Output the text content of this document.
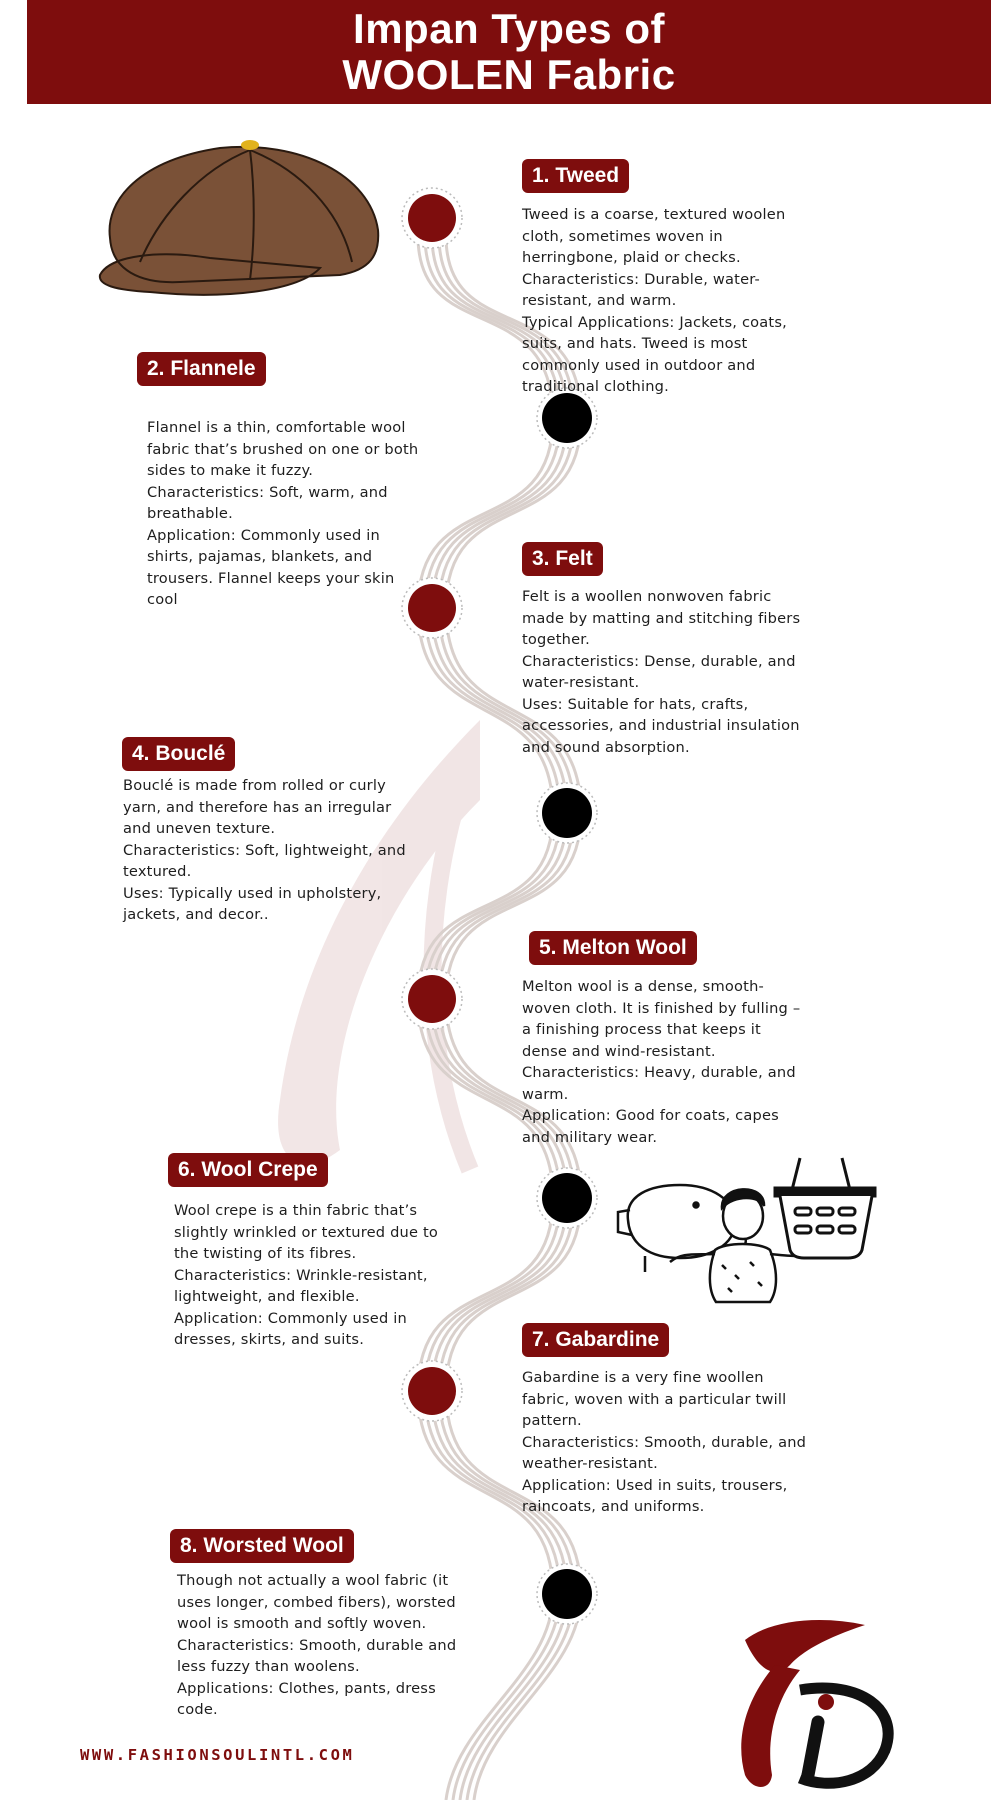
Impan Types of
WOOLEN Fabric
1. Tweed
Tweed is a coarse, textured woolen
cloth, sometimes woven in
herringbone, plaid or checks.
Characteristics: Durable, water-
resistant, and warm.
Typical Applications: Jackets, coats,
suits, and hats. Tweed is most
commonly used in outdoor and
traditional clothing.
2. Flannele
Flannel is a thin, comfortable wool
fabric that’s brushed on one or both
sides to make it fuzzy.
Characteristics: Soft, warm, and
breathable.
Application: Commonly used in
shirts, pajamas, blankets, and
trousers. Flannel keeps your skin
cool
3. Felt
Felt is a woollen nonwoven fabric
made by matting and stitching fibers
together.
Characteristics: Dense, durable, and
water-resistant.
Uses: Suitable for hats, crafts,
accessories, and industrial insulation
and sound absorption.
4. Bouclé
Bouclé is made from rolled or curly
yarn, and therefore has an irregular
and uneven texture.
Characteristics: Soft, lightweight, and
textured.
Uses: Typically used in upholstery,
jackets, and decor..
5. Melton Wool
Melton wool is a dense, smooth-
woven cloth. It is finished by fulling –
a finishing process that keeps it
dense and wind-resistant.
Characteristics: Heavy, durable, and
warm.
Application: Good for coats, capes
and military wear.
6. Wool Crepe
Wool crepe is a thin fabric that’s
slightly wrinkled or textured due to
the twisting of its fibres.
Characteristics: Wrinkle-resistant,
lightweight, and flexible.
Application: Commonly used in
dresses, skirts, and suits.	7. Gabardine
Gabardine is a very fine woollen
fabric, woven with a particular twill
pattern.
Characteristics: Smooth, durable, and
weather-resistant.
Application: Used in suits, trousers,
raincoats, and uniforms.
8. Worsted Wool
Though not actually a wool fabric (it
uses longer, combed fibers), worsted
wool is smooth and softly woven.
Characteristics: Smooth, durable and
less fuzzy than woolens.
Applications: Clothes, pants, dress
code.
WWW.FASHIONSOULINTL.COM
